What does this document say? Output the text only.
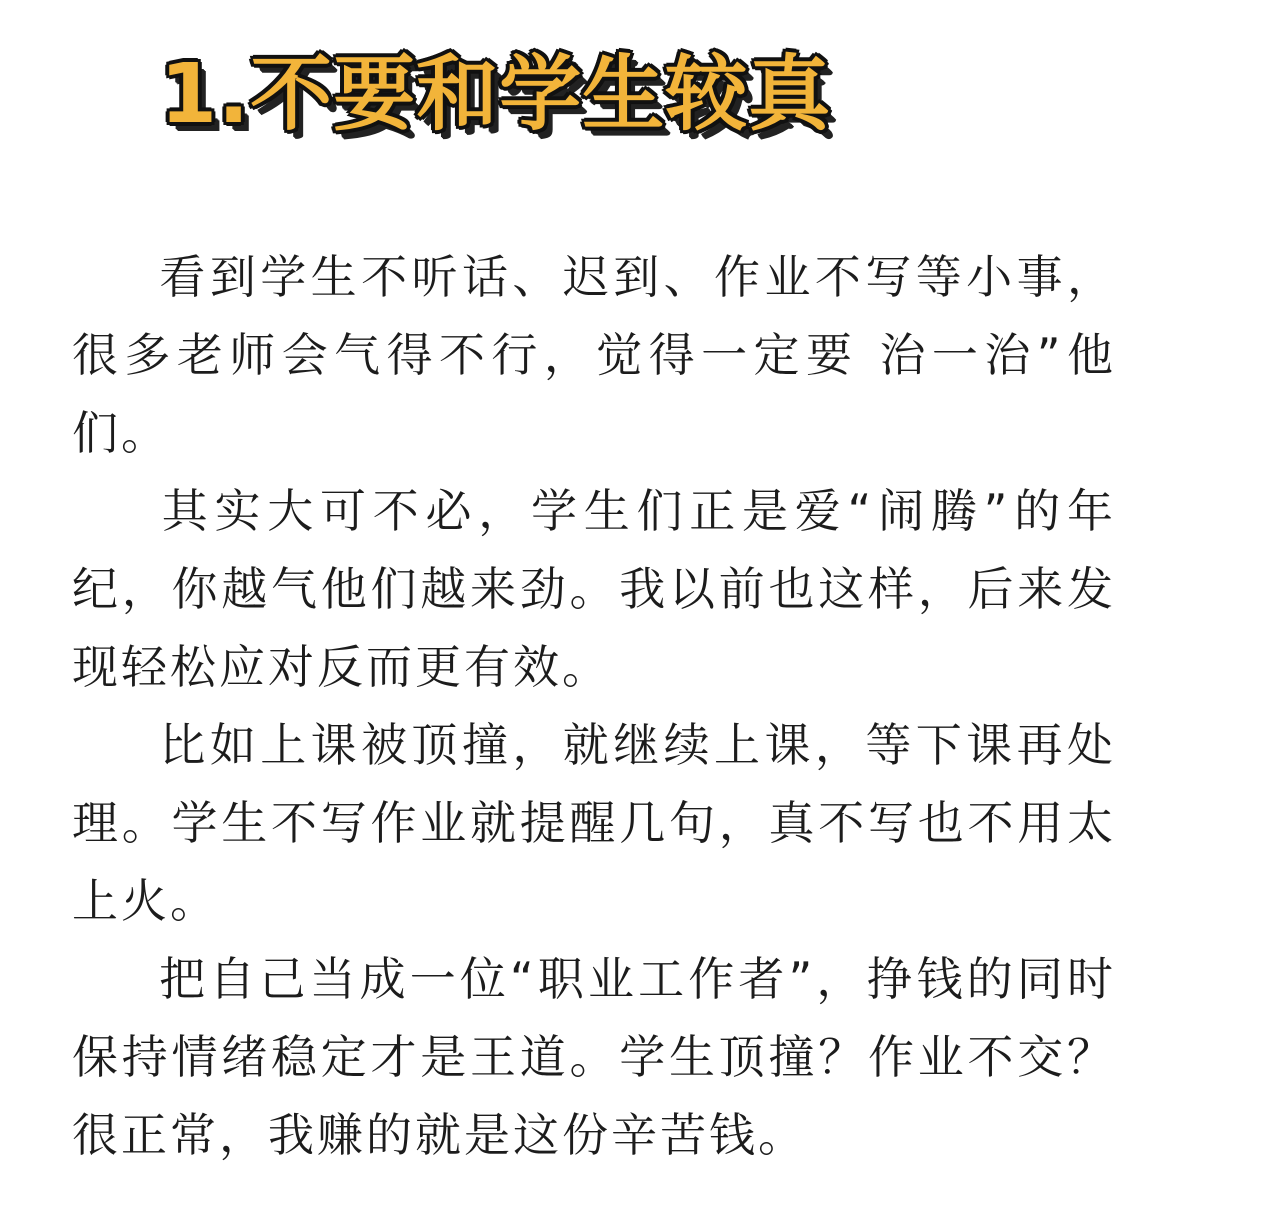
1.不要和学生较真

看到学生不听话、迟到、作业不写等小事，很多老师会气得不行，觉得一定要 治一治”他们。

其实大可不必，学生们正是爱“闹腾”的年纪，你越气他们越来劲。我以前也这样，后来发现轻松应对反而更有效。

比如上课被顶撞，就继续上课，等下课再处理。学生不写作业就提醒几句，真不写也不用太上火。

把自己当成一位“职业工作者”，挣钱的同时保持情绪稳定才是王道。学生顶撞？作业不交？很正常，我赚的就是这份辛苦钱。
